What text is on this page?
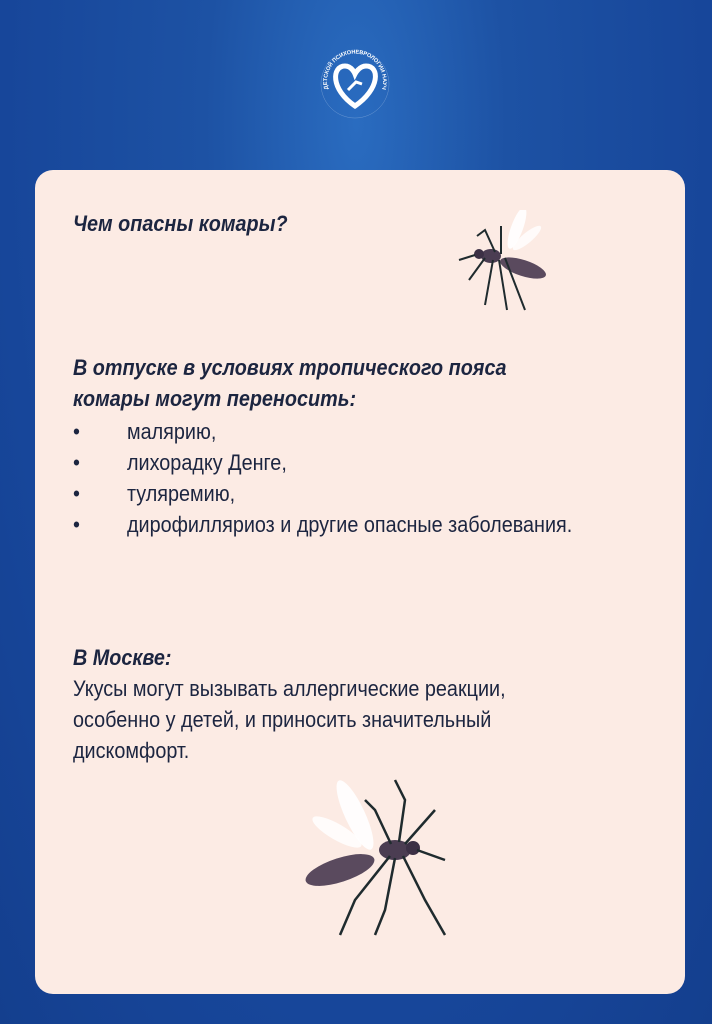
ДЕТСКОЙ ПСИХОНЕВРОЛОГИИ НАУЧ
Чем опасны комары?
В отпуске в условиях тропического пояса
комары могут переносить:
• малярию,
• лихорадку Денге,
• туляремию,
• дирофилляриоз и другие опасные заболевания.
В Москве:
Укусы могут вызывать аллергические реакции,
особенно у детей, и приносить значительный
дискомфорт.
